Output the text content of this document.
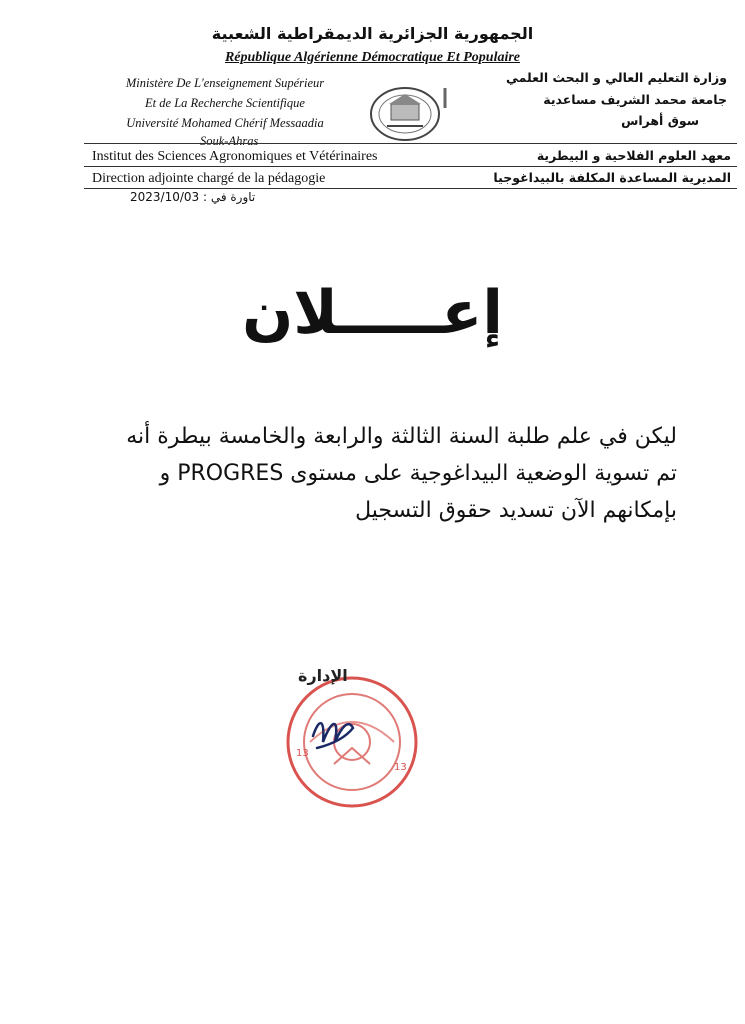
الجمهورية الجزائرية الديمقراطية الشعبية
République Algérienne Démocratique Et Populaire
Ministère De L'enseignement Supérieur
Et de La Recherche Scientifique
Université Mohamed Chérif Messaadia
Souk-Ahras
وزارة التعليم العالي و البحث العلمي
جامعة محمد الشريف مساعدية
سوق أهراس
Institut des Sciences Agronomiques et Vétérinaires	معهد العلوم الفلاحية و البيطرية
Direction adjointe chargé de la pédagogie	المديرية المساعدة المكلفة بالبيداغوجيا
تاورة في : 2023/10/03
إعـــــلان
ليكن في علم طلبة السنة الثالثة والرابعة والخامسة بيطرة أنه تم تسوية الوضعية البيداغوجية على مستوى PROGRES و بإمكانهم الآن تسديد حقوق التسجيل
13
13
الإدارة
